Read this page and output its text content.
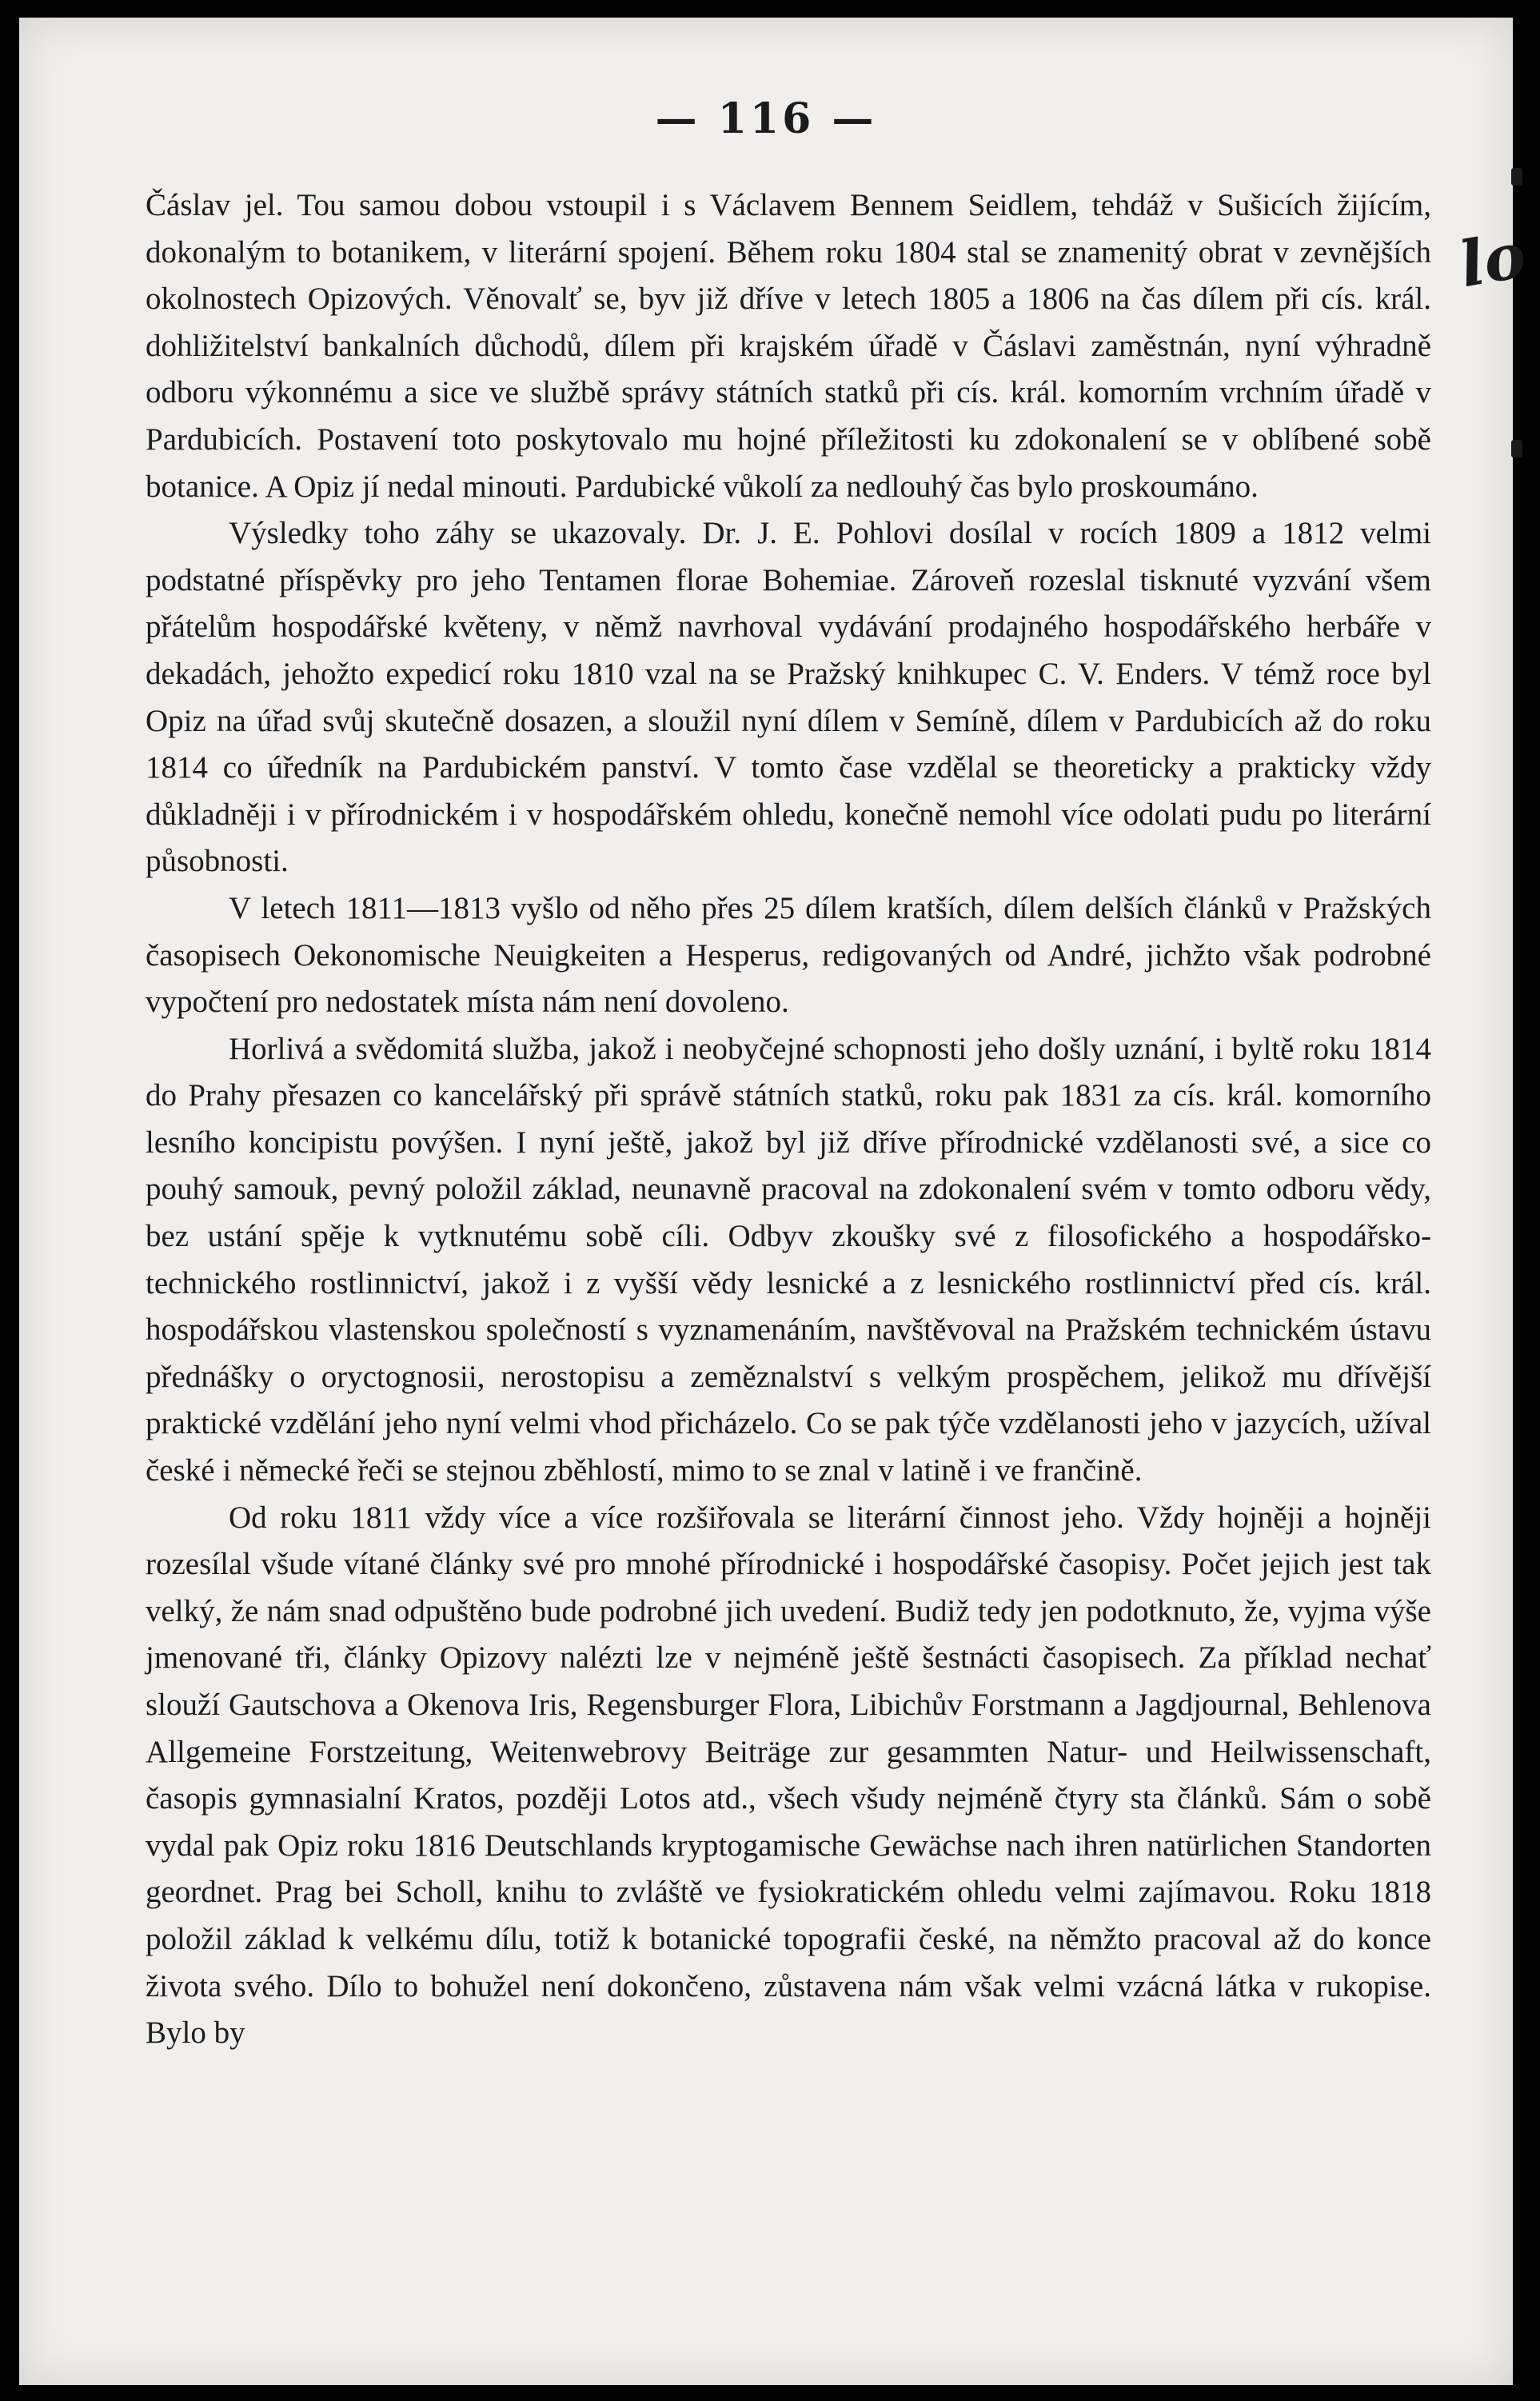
— 116 —
lo

Čáslav jel. Tou samou dobou vstoupil i s Václavem Bennem Seidlem, tehdáž v Sušicích žijícím, dokonalým to botanikem, v literární spojení. Během roku 1804 stal se znamenitý obrat v zevnějších okolnostech Opizových. Věnovalť se, byv již dříve v letech 1805 a 1806 na čas dílem při cís. král. dohližitelství bankalních důchodů, dílem při krajském úřadě v Čáslavi zaměstnán, nyní výhradně odboru výkonnému a sice ve službě správy státních statků při cís. král. komorním vrchním úřadě v Pardubicích. Postavení toto poskytovalo mu hojné příležitosti ku zdokonalení se v oblíbené sobě botanice. A Opiz jí nedal minouti. Pardubické vůkolí za nedlouhý čas bylo proskoumáno.

Výsledky toho záhy se ukazovaly. Dr. J. E. Pohlovi dosílal v rocích 1809 a 1812 velmi podstatné příspěvky pro jeho Tentamen florae Bohemiae. Zároveň rozeslal tisknuté vyzvání všem přátelům hospodářské květeny, v němž navrhoval vydávání prodajného hospodářského herbáře v dekadách, jehožto expedicí roku 1810 vzal na se Pražský knihkupec C. V. Enders. V témž roce byl Opiz na úřad svůj skutečně dosazen, a sloužil nyní dílem v Semíně, dílem v Pardubicích až do roku 1814 co úředník na Pardubickém panství. V tomto čase vzdělal se theoreticky a prakticky vždy důkladněji i v přírodnickém i v hospodářském ohledu, konečně nemohl více odolati pudu po literární působnosti.

V letech 1811—1813 vyšlo od něho přes 25 dílem kratších, dílem delších článků v Pražských časopisech Oekonomische Neuigkeiten a Hesperus, redigovaných od André, jichžto však podrobné vypočtení pro nedostatek místa nám není dovoleno.

Horlivá a svědomitá služba, jakož i neobyčejné schopnosti jeho došly uznání, i byltě roku 1814 do Prahy přesazen co kancelářský při správě státních statků, roku pak 1831 za cís. král. komorního lesního koncipistu povýšen. I nyní ještě, jakož byl již dříve přírodnické vzdělanosti své, a sice co pouhý samouk, pevný položil základ, neunavně pracoval na zdokonalení svém v tomto odboru vědy, bez ustání spěje k vytknutému sobě cíli. Odbyv zkoušky své z filosofického a hospodářsko-technického rostlinnictví, jakož i z vyšší vědy lesnické a z lesnického rostlinnictví před cís. král. hospodářskou vlastenskou společností s vyznamenáním, navštěvoval na Pražském technickém ústavu přednášky o oryctognosii, nerostopisu a zeměznalství s velkým prospěchem, jelikož mu dřívější praktické vzdělání jeho nyní velmi vhod přicházelo. Co se pak týče vzdělanosti jeho v jazycích, užíval české i německé řeči se stejnou zběhlostí, mimo to se znal v latině i ve frančině.

Od roku 1811 vždy více a více rozšiřovala se literární činnost jeho. Vždy hojněji a hojněji rozesílal všude vítané články své pro mnohé přírodnické i hospodářské časopisy. Počet jejich jest tak velký, že nám snad odpuštěno bude podrobné jich uvedení. Budiž tedy jen podotknuto, že, vyjma výše jmenované tři, články Opizovy nalézti lze v nejméně ještě šestnácti časopisech. Za příklad nechať slouží Gautschova a Okenova Iris, Regensburger Flora, Libichův Forstmann a Jagdjournal, Behlenova Allgemeine Forstzeitung, Weitenwebrovy Beiträge zur gesammten Natur- und Heilwissenschaft, časopis gymnasialní Kratos, později Lotos atd., všech všudy nejméně čtyry sta článků. Sám o sobě vydal pak Opiz roku 1816 Deutschlands kryptogamische Gewächse nach ihren natürlichen Standorten geordnet. Prag bei Scholl, knihu to zvláště ve fysiokratickém ohledu velmi zajímavou. Roku 1818 položil základ k velkému dílu, totiž k botanické topografii české, na němžto pracoval až do konce života svého. Dílo to bohužel není dokončeno, zůstavena nám však velmi vzácná látka v rukopise. Bylo by
